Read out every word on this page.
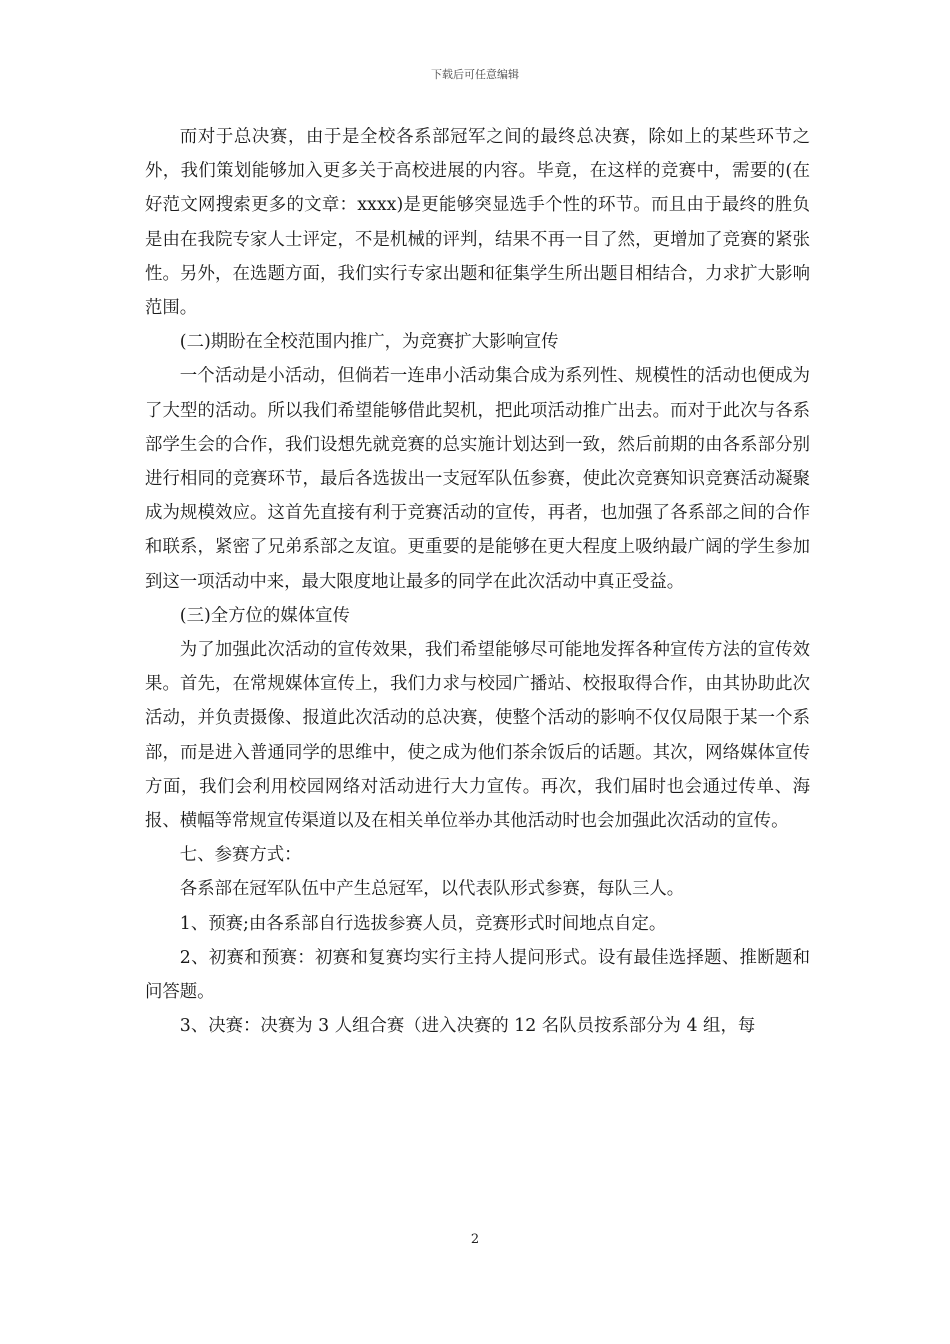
下载后可任意编辑

而对于总决赛，由于是全校各系部冠军之间的最终总决赛，除如上的某些环节之外，我们策划能够加入更多关于高校进展的内容。毕竟，在这样的竞赛中，需要的(在好范文网搜索更多的文章：xxxx)是更能够突显选手个性的环节。而且由于最终的胜负是由在我院专家人士评定，不是机械的评判，结果不再一目了然，更增加了竞赛的紧张性。另外，在选题方面，我们实行专家出题和征集学生所出题目相结合，力求扩大影响范围。

(二)期盼在全校范围内推广，为竞赛扩大影响宣传

一个活动是小活动，但倘若一连串小活动集合成为系列性、规模性的活动也便成为了大型的活动。所以我们希望能够借此契机，把此项活动推广出去。而对于此次与各系部学生会的合作，我们设想先就竞赛的总实施计划达到一致，然后前期的由各系部分别进行相同的竞赛环节，最后各选拔出一支冠军队伍参赛，使此次竞赛知识竞赛活动凝聚成为规模效应。这首先直接有利于竞赛活动的宣传，再者，也加强了各系部之间的合作和联系，紧密了兄弟系部之友谊。更重要的是能够在更大程度上吸纳最广阔的学生参加到这一项活动中来，最大限度地让最多的同学在此次活动中真正受益。

(三)全方位的媒体宣传

为了加强此次活动的宣传效果，我们希望能够尽可能地发挥各种宣传方法的宣传效果。首先，在常规媒体宣传上，我们力求与校园广播站、校报取得合作，由其协助此次活动，并负责摄像、报道此次活动的总决赛，使整个活动的影响不仅仅局限于某一个系部，而是进入普通同学的思维中，使之成为他们茶余饭后的话题。其次，网络媒体宣传方面，我们会利用校园网络对活动进行大力宣传。再次，我们届时也会通过传单、海报、横幅等常规宣传渠道以及在相关单位举办其他活动时也会加强此次活动的宣传。

七、参赛方式：

各系部在冠军队伍中产生总冠军，以代表队形式参赛，每队三人。

1、预赛;由各系部自行选拔参赛人员，竞赛形式时间地点自定。

2、初赛和预赛：初赛和复赛均实行主持人提问形式。设有最佳选择题、推断题和问答题。

3、决赛：决赛为 3 人组合赛（进入决赛的 12 名队员按系部分为 4 组，每

2
